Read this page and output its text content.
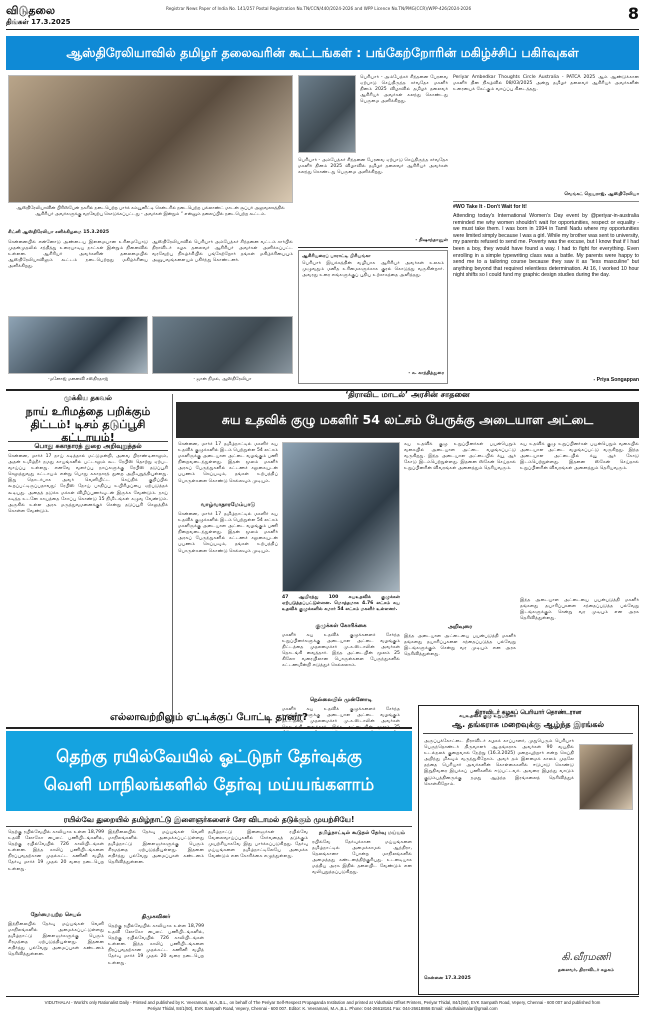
விடுதலை
திங்கள் 17.3.2025
Registrar News Paper of India No. 141/257 Postal Registration No.TN/CCN/440/2024-2026 and WPP Licence No.TN/PMG(CCR)/WPP-426/2024-2026	8
ஆஸ்திரேலியாவில் தமிழர் தலைவரின் கூட்டங்கள் : பங்கேற்றோரின் மகிழ்ச்சிப் பகிர்வுகள்
ஆஸ்திரேலியாவின் பிரிஸ்பேன் நகரில் நடைபெற்ற பார்க் கம்யூனிட்டி சென்டரில் நடைபெற்ற பல்லாண்ட் மாடன் சூப்பர் அலுவலகத்தில் ஆசிரியர் அவர்களுக்கு வரவேற்பு கொடுக்கப்பட்டது - அவர்கள் இன்றும் “ என்னும் தலைப்பில் நடைபெற்ற கூட்டம்.
சிட்னி ஆஸ்திரேலியா சனிக்கிழமை 15.3.2025
சென்னையில் என்னோடு அண்டைய இளமையான உரிமையோடு முதன்முதலில் சந்தித்து உரையாடிய நாட்கள் இன்றும் நினைவில் உள்ளன. ஆசிரியர் அவர்களின் தலைமையில் ஆஸ்திரேலியாவிலும் கூட்டம் நடைபெற்றது மகிழ்ச்சியை அளிக்கிறது.
ஆஸ்திரேலியாவில் பெரியார் அம்பேத்கர் சிந்தனை வட்டம் சார்பில் திராவிடர் கழக தலைவர் ஆசிரியர் அவர்கள் அளிக்கப்பட்ட வரவேற்பு நிகழ்ச்சியில் பங்கேற்றோர் தங்கள் மகிழ்ச்சியையும் அனுபவங்களையும் பகிர்ந்து கொண்டனர்.
-மனோஜ் மனைவி சஸ்திரதாஜ்	- ஜான் நிமல், ஆஸ்திரேலியா
பெரியார் - அம்பேத்கர் சிந்தனை பேரவை ஏற்பாடு செய்திருந்த சர்வதேச மகளிர் தினம் 2025 விழாவில் தமிழர் தலைவர் ஆசிரியர் அவர்கள் கலந்து கொண்டது பெருமை அளிக்கிறது.
- நிஷாந்தானுள்
பெரியார் - அம்பேத்கர் சிந்தனை பேரவை ஏற்பாடு செய்திருந்த சர்வதேச மகளிர் தினம் 2025 விழாவில் தமிழர் தலைவர் ஆசிரியர் அவர்கள் கலந்து கொண்டது பெருமை அளிக்கிறது.
ஆசிரியரைப் பாராட்டி பிரியங்கா
பெரியார் இயக்கத்தின் வழியாக ஆசிரியர் அவர்கள் உலகம் முழுவதும் மனித உரிமைகளுக்காக குரல் கொடுத்து வருகின்றார். அவரது உரை எங்களுக்குப் புதிய உற்சாகத்தை அளித்தது.
- சு. காந்தித்துரை
Periyar Ambedkar Thoughts Circle Australia - PATCA 2025 ஆம் ஆண்டுக்கான மகளிர் தின நிகழ்வில் 08/03/2025 அன்று தமிழர் தலைவர் ஆசிரியர் அவர்களின் உரையைக் கேட்கும் வாய்ப்பு கிடைத்தது.
வெங்கட் ஜெயராஜ், ஆஸ்திரேலியா
#WO Take It - Don't Wait for It!
Attending today's International Women's Day event by @periyar-in-australia reminded me why women shouldn't wait for opportunities, respect or equality - we must take them. I was born in 1994 in Tamil Nadu where my opportunities were limited simply because I was a girl. While my brother was sent to university, my parents refused to send me. Poverty was the excuse, but I know that if I had been a boy, they would have found a way. I had to fight for everything. Even enrolling in a simple typewriting class was a battle. My parents were happy to send me to a tailoring course because they saw it as "less masculine" but anything beyond that required relentless determination. At 16, I worked 10 hour night shifts so I could fund my graphic design studies during the day.
- Priya Songappan
முக்கிய தகவல்
நாய் உரிமத்தை பறிக்கும் திட்டம்! டிசம் தடுப்பூசி கட்டாயம்!
பொது சுகாதாரத் துறை அறிவுறுத்தல்
சென்னை, மார்ச் 17 நாய் கடித்தால் மட்டுமன்றி, அவை பிராண்டினாலும், அதன் உமிழ்நீர் நமது காயங்களில் பட்டாலும் கூட ரேபிஸ் தொற்று ஏற்பட வாய்ப்பு உள்ளது. எனவே வளர்ப்பு நாய்களுக்கு ரேபிஸ் தடுப்பூசி செலுத்துவது கட்டாயம் என்று பொது சுகாதாரத் துறை அறிவுறுத்தியுள்ளது. இது தொடர்பாக அவர் வெளியிட்ட செய்திக் குறிப்பில் கூறப்பட்டிருப்பதாவது: ரேபிஸ் நோய் பாதிப்பு உயிரிழப்பை ஏற்படுத்தக் கூடியது. அதைத் தடுக்க மக்கள் விழிப்புணர்வுடன் இருக்க வேண்டும். நாய் கடித்த உடனே காயத்தை சோப்பு கொண்டு 15 நிமிடங்கள் கழுவ வேண்டும். அருகில் உள்ள அரசு மருத்துவமனைக்குச் சென்று தடுப்பூசி செலுத்திக் கொள்ள வேண்டும்.
‘திராவிட மாடல்’ அரசின் சாதனை
சுய உதவிக் குழு மகளிர் 54 லட்சம் பேருக்கு அடையாள அட்டை
சென்னை, மார்ச் 17 தமிழ்நாட்டில் மகளிர் சுய உதவிக் குழுக்களில் இடம் பெற்றுள்ள 54 லட்சம் மகளிருக்கு அடையாள அட்டை வழங்கும் பணி நிறைவடைந்துள்ளது. இதன் மூலம் மகளிர் அரசுப் பேருந்துகளில் கட்டணச் சலுகையுடன் பயணம் செய்யவும், தங்கள் உற்பத்திப் பொருள்களை கொண்டு செல்லவும் முடியும்.
வாழ்வாதாரமேம்பாடு
சென்னை, மார்ச் 17 தமிழ்நாட்டில் மகளிர் சுய உதவிக் குழுக்களில் இடம் பெற்றுள்ள 54 லட்சம் மகளிருக்கு அடையாள அட்டை வழங்கும் பணி நிறைவடைந்துள்ளது. இதன் மூலம் மகளிர் அரசுப் பேருந்துகளில் கட்டணச் சலுகையுடன் பயணம் செய்யவும், தங்கள் உற்பத்திப் பொருள்களை கொண்டு செல்லவும் முடியும்.
47 ஆயிரத்து 100 சுயஉதவிக் குழுக்கள் ஏற்படுத்தப்பட்டுள்ளன. மொத்தமாக 4.76 லட்சம் சுய உதவிக் குழுக்களில் சுமார் 54 லட்சம் மகளிர் உள்ளனர்.
குழுக்கள் கோரிக்கை
மகளிர் சுய உதவிக் குழுக்களைச் சேர்ந்த உறுப்பினர்களுக்கு அடையாள அட்டை வழங்கும் திட்டத்தை முதலமைச்சர் மு.க.ஸ்டாலின் அவர்கள் தொடங்கி வைத்தார். இந்த அட்டையின் மூலம் 25 கிலோ வரையிலான பொருள்களை பேருந்துகளில் கட்டணமின்றி எடுத்துச் செல்லலாம்.
நெல்லையில் முன்னோடி
மகளிர் சுய உதவிக் குழுக்களைச் சேர்ந்த உறுப்பினர்களுக்கு அடையாள அட்டை வழங்கும் திட்டத்தை முதலமைச்சர் மு.க.ஸ்டாலின் அவர்கள்
சுய உதவிக் குழு உறுப்பினர்கள் பயன்பெறும் வகையில் அடையாள அட்டை வழங்கப்பட்டு வருகிறது. இந்த அடையாள அட்டையில் க்யூ ஆர் கோடு இடம்பெற்றுள்ளது. இதனை ஸ்கேன் செய்தால் உறுப்பினரின் விவரங்கள் அனைத்தும் தெரியவரும்.
அறிவுரை
இந்த அடையாள அட்டையை பயன்படுத்தி மகளிர் தங்களது தயாரிப்புகளை சந்தைப்படுத்த பல்வேறு இடங்களுக்கும் சென்று வர முடியும் என அரசு தெரிவித்துள்ளது.
சுயஉதவிக் குழு உறுப்பினர்
சுய உதவிக் குழு உறுப்பினர்கள் பயன்பெறும் வகையில் அடையாள அட்டை வழங்கப்பட்டு வருகிறது. இந்த அடையாள அட்டையில் க்யூ ஆர் கோடு இடம்பெற்றுள்ளது. இதனை ஸ்கேன் செய்தால் உறுப்பினரின் விவரங்கள் அனைத்தும் தெரியவரும்.
இந்த அடையாள அட்டையை பயன்படுத்தி மகளிர் தங்களது தயாரிப்புகளை சந்தைப்படுத்த பல்வேறு இடங்களுக்கும் சென்று வர முடியும் என அரசு தெரிவித்துள்ளது.
எல்லாவற்றிலும் ஏட்டிக்குப் போட்டி தானா?
தெற்கு ரயில்வேயில் ஓட்டுநர் தேர்வுக்கு
வெளி மாநிலங்களில் தேர்வு மய்யங்களாம்
ரயில்வே துறையில் தமிழ்நாட்டு இளைஞர்களைச் சேர விடாமல் தடுக்கும் முயற்சியே!
தெற்கு ரயில்வேயில் காலியாக உள்ள 18,799 உதவி லோகோ பைலட் பணியிடங்களில், தெற்கு ரயில்வேயில் 726 காலியிடங்கள் உள்ளன. இந்த காலிப் பணியிடங்களை நிரப்புவதற்கான முதல்கட்ட கணினி வழித் தேர்வு மார்ச் 19 முதல் 20 வரை நடைபெற உள்ளது.
நேர்மையற்ற செயல்
இந்நிலையில் தேர்வு மய்யங்கள் வெளி மாநிலங்களில் அமைக்கப்பட்டுள்ளது தமிழ்நாட்டு இளைஞர்களுக்கு பெரும் சிரமத்தை ஏற்படுத்தியுள்ளது. இதனை எதிர்த்து பல்வேறு அமைப்புகள் கண்டனம் தெரிவித்துள்ளன.
இந்நிலையில் தேர்வு மய்யங்கள் வெளி மாநிலங்களில் அமைக்கப்பட்டுள்ளது தமிழ்நாட்டு இளைஞர்களுக்கு பெரும் சிரமத்தை ஏற்படுத்தியுள்ளது. இதனை எதிர்த்து பல்வேறு அமைப்புகள் கண்டனம் தெரிவித்துள்ளன.
திமுகவினர்
தெற்கு ரயில்வேயில் காலியாக உள்ள 18,799 உதவி லோகோ பைலட் பணியிடங்களில், தெற்கு ரயில்வேயில் 726 காலியிடங்கள் உள்ளன. இந்த காலிப் பணியிடங்களை நிரப்புவதற்கான முதல்கட்ட கணினி வழித் தேர்வு மார்ச் 19 முதல் 20 வரை நடைபெற உள்ளது.
தமிழ்நாட்டு இளைஞர்கள் ரயில்வே வேலைவாய்ப்புகளில் சேர்வதைத் தடுக்கும் முயற்சியாகவே இது பார்க்கப்படுகிறது. தேர்வு மய்யங்களை தமிழ்நாட்டிலேயே அமைக்க வேண்டும் என கோரிக்கை எழுந்துள்ளது.
தமிழ்நாட்டில் கூடுதல் தேர்வு மய்யம்
ரயில்வே தேர்வுக்கான மய்யங்களை தமிழ்நாட்டில் அமைக்காமல் ஆந்திரா, தெலங்கானா போன்ற மாநிலங்களில் அமைத்தது கண்டனத்திற்குரியது. உடனடியாக மத்திய அரசு இதில் தலையிட வேண்டும் என வலியுறுத்தப்படுகிறது.
திராவிடர் கழகப் பெரியார் தொண்டரான
ஆ. தங்கராசு மறைவுக்கு ஆழ்ந்த இரங்கல்
அருப்புக்கோட்டை திராவிடர் கழகக் காப்பாளர், முதுபெரும் பெரியார் பெருந்தொண்டர் திருவாளர் ஆ.தங்கராசு அவர்கள் 90 வயதில் உடல்நலக் குறைவால் நேற்று (16.3.2025) மறைவுற்றார் என்ற செய்தி அறிந்து மிகவும் வருந்துகிறோம். அவர் தம் இளமைக் காலம் முதலே தந்தை பெரியார் அவர்களின் கொள்கைகளில் ஈடுபாடு கொண்டு இறுதிவரை இயக்கப் பணிகளில் ஈடுபட்டவர். அவரை இழந்து வாடும் குடும்பத்தினருக்கு நமது ஆழ்ந்த இரங்கலைத் தெரிவித்துக் கொள்கிறோம்.
சென்னை 17.3.2025
கி.வீரமணி
தலைவர், திராவிடர் கழகம்
VIDUTHALAI - World's only Rationalist Daily - Printed and published by K. Veeramani, M.A.,B.L., on behalf of The Periyar Self-Respect Propaganda Institution and printed at Viduthalai Offset Printers, Periyar Thidal, 84/1(50), EVK Sampath Road, Vepery, Chennai - 600 007 and published from
Periyar Thidal, 84/1(50), EVK Sampath Road, Vepery, Chennai - 600 007. Editor: K. Veeramani, M.A.,B.L. Phone: 044-26618161 Fax: 044-26618866 Email: viduthalaimalar@gmail.com
